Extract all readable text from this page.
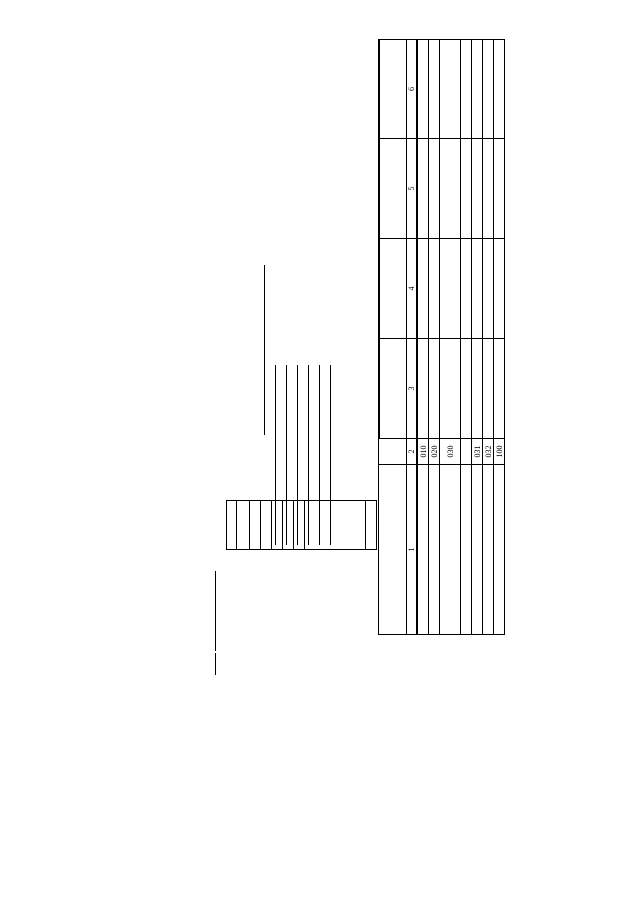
1	2	3	4	5	6
	010				
	020				
	030				

	031				
	032				
	100				
